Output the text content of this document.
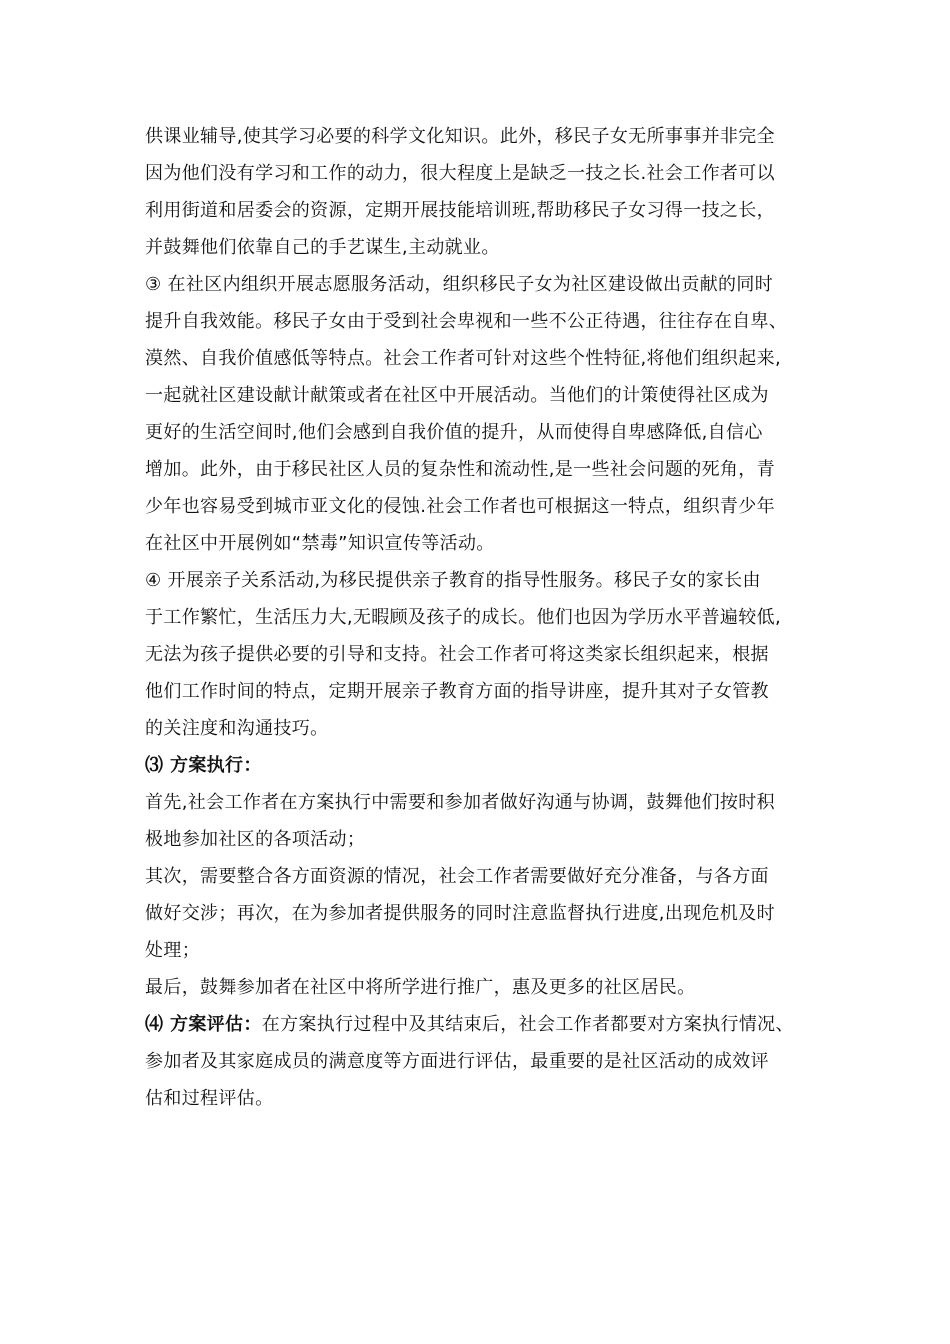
供课业辅导,使其学习必要的科学文化知识。此外，移民子女无所事事并非完全
因为他们没有学习和工作的动力，很大程度上是缺乏一技之长.社会工作者可以
利用街道和居委会的资源，定期开展技能培训班,帮助移民子女习得一技之长，
并鼓舞他们依靠自己的手艺谋生,主动就业。
③ 在社区内组织开展志愿服务活动，组织移民子女为社区建设做出贡献的同时
提升自我效能。移民子女由于受到社会卑视和一些不公正待遇，往往存在自卑、
漠然、自我价值感低等特点。社会工作者可针对这些个性特征,将他们组织起来,
一起就社区建设献计献策或者在社区中开展活动。当他们的计策使得社区成为
更好的生活空间时,他们会感到自我价值的提升，从而使得自卑感降低,自信心
增加。此外，由于移民社区人员的复杂性和流动性,是一些社会问题的死角，青
少年也容易受到城市亚文化的侵蚀.社会工作者也可根据这一特点，组织青少年
在社区中开展例如“禁毒”知识宣传等活动。
④ 开展亲子关系活动,为移民提供亲子教育的指导性服务。移民子女的家长由
于工作繁忙，生活压力大,无暇顾及孩子的成长。他们也因为学历水平普遍较低,
无法为孩子提供必要的引导和支持。社会工作者可将这类家长组织起来，根据
他们工作时间的特点，定期开展亲子教育方面的指导讲座，提升其对子女管教
的关注度和沟通技巧。
⑶ 方案执行：
首先,社会工作者在方案执行中需要和参加者做好沟通与协调，鼓舞他们按时积
极地参加社区的各项活动；
其次，需要整合各方面资源的情况，社会工作者需要做好充分准备，与各方面
做好交涉；再次，在为参加者提供服务的同时注意监督执行进度,出现危机及时
处理；
最后，鼓舞参加者在社区中将所学进行推广，惠及更多的社区居民。
⑷ 方案评估：在方案执行过程中及其结束后，社会工作者都要对方案执行情况、
参加者及其家庭成员的满意度等方面进行评估，最重要的是社区活动的成效评
估和过程评估。
